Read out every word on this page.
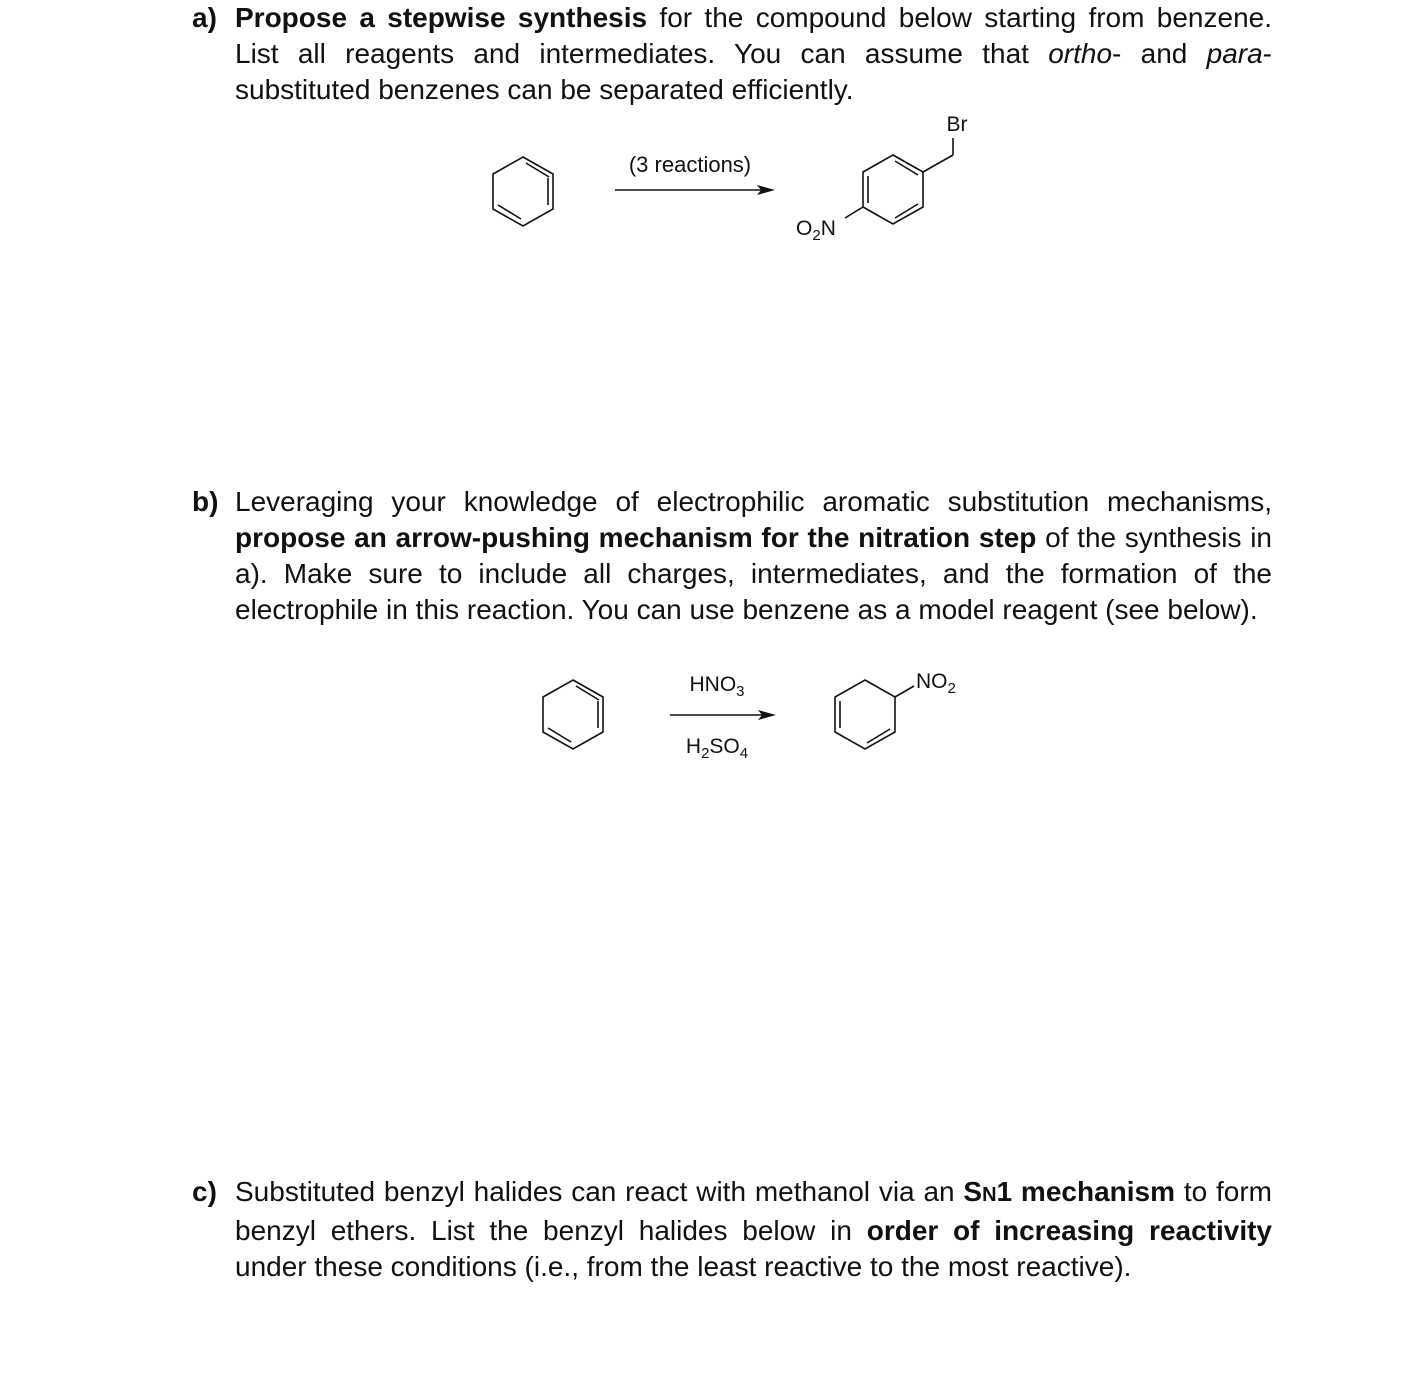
a) Propose a stepwise synthesis for the compound below starting from benzene. List all reagents and intermediates. You can assume that ortho- and para-substituted benzenes can be separated efficiently.
(3 reactions)
Br
$O_2N$
b) Leveraging your knowledge of electrophilic aromatic substitution mechanisms, propose an arrow-pushing mechanism for the nitration step of the synthesis in a). Make sure to include all charges, intermediates, and the formation of the electrophile in this reaction. You can use benzene as a model reagent (see below).
$HNO_3$
$H_2SO_4$
$NO_2$
c) Substituted benzyl halides can react with methanol via an SN1 mechanism to form benzyl ethers. List the benzyl halides below in order of increasing reactivity under these conditions (i.e., from the least reactive to the most reactive).
